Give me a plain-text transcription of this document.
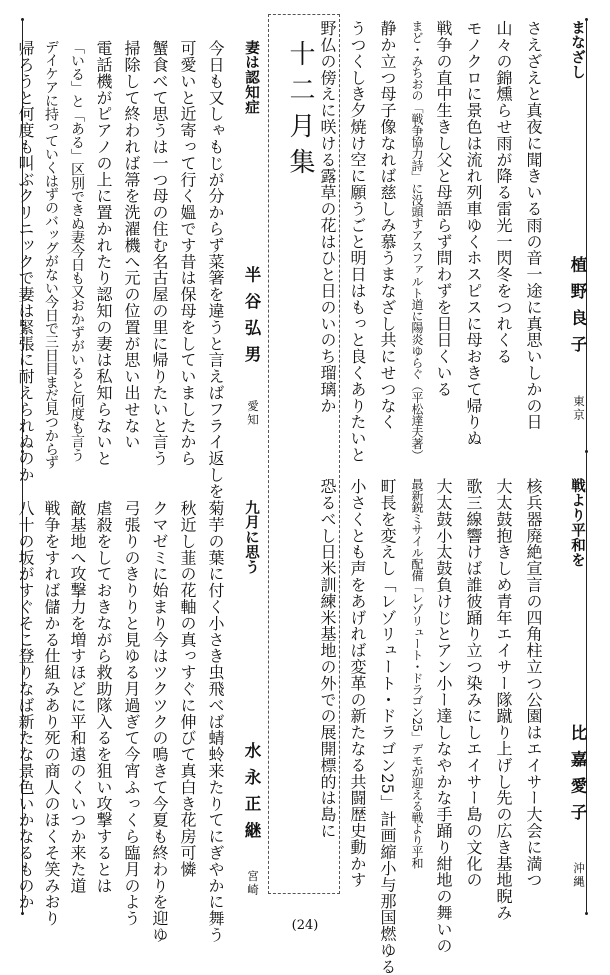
十二月集	まなざし
植野良子
東京
さえざえと真夜に聞きいる雨の音一途に真思いしかの日
山々の錦燻らせ雨が降る雷光一閃冬をつれくる
モノクロに景色は流れ列車ゆくホスピスに母おきて帰りぬ
戦争の直中生きし父と母語らず問わずを日日くいる
まど・みちおの「戦争協力詩」に没頭すアスファルト道に陽炎ゆらぐ（平松達夫著）
静か立つ母子像なれば慈しみ慕うまなざし共にせつなく
うつくしき夕焼け空に願うごと明日はもっと良くありたいと
野仏の傍えに咲ける露草の花はひと日のいのち瑠璃か
戦より平和を
比嘉愛子
沖縄
核兵器廃絶宣言の四角柱立つ公園はエイサー大会に満つ
大太鼓抱きしめ青年エイサー隊蹴り上げし先の広き基地睨み
歌三線響けば誰彼踊り立つ染みにしエイサー島の文化の
大太鼓小太鼓負けじとアン小ー達しなやかな手踊り紺地の舞いの
最新鋭ミサイル配備「レゾリュート・ドラゴン25」デモが迎える戦より平和
町長を変えし「レゾリュート・ドラゴン25」計画縮小与那国燃ゆる
小さくとも声をあげれば変革の新たなる共闘歴史動かす
恐るべし日米訓練米基地の外での展開標的は島に
妻は認知症
半谷弘男
愛知
今日も又しゃもじが分からず菜箸を違うと言えばフライ返しを
可愛いと近寄って行く媼です昔は保母をしていましたから
蟹食べて思うは一つ母の住む名古屋の里に帰りたいと言う
掃除して終われば箒を洗濯機へ元の位置が思い出せない
電話機がピアノの上に置かれたり認知の妻は私知らないと
「いる」と「ある」区別できぬ妻今日も又おかずがいると何度も言う
デイケアに持っていくはずのバッグがない今日で三日目まだ見つからず
帰ろうと何度も叫ぶクリニックで妻は緊張に耐えられぬのか
九月に思う
水永正継
宮崎
菊芋の葉に付く小さき虫飛べば蜻蛉来たりてにぎやかに舞う
秋近し韮の花軸の真っすぐに伸びて真白き花房可憐
クマゼミに始まり今はツクツクの鳴きて今夏も終わりを迎ゆ
弓張りのきりりと見ゆる月過ぎて今宵ふっくら臨月のよう
虐殺をしておきながら救助隊入るを狙い攻撃するとは
敵基地へ攻撃力を増すほどに平和遠のくいつか来た道
戦争をすれば儲かる仕組みあり死の商人のほくそ笑みおり
八十の坂がすぐそこ登りなば新たな景色いかなるものか
(24)
